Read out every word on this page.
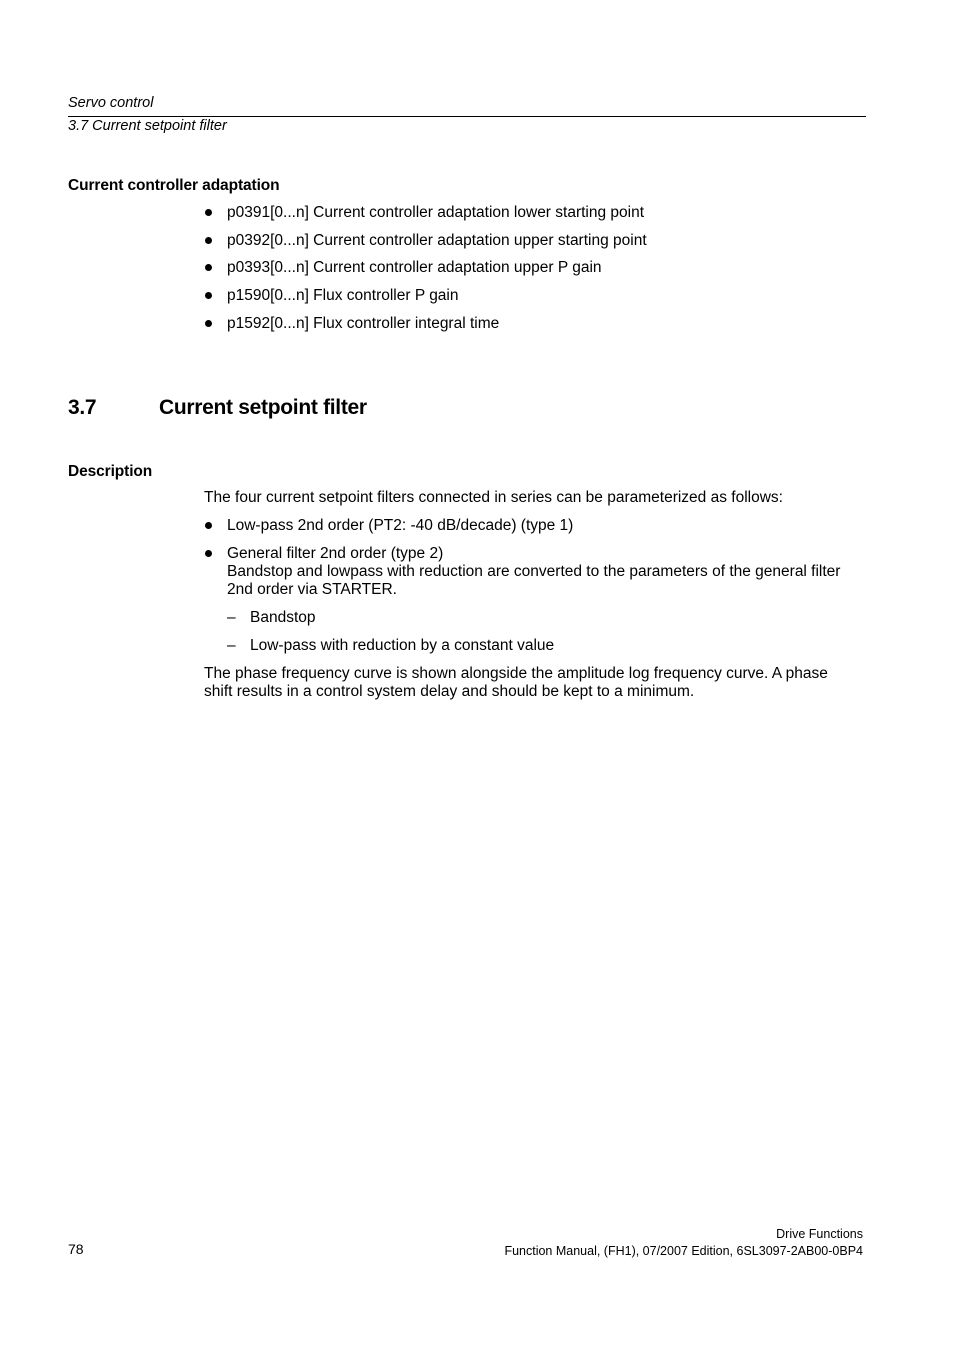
Servo control
3.7 Current setpoint filter
Current controller adaptation
p0391[0...n] Current controller adaptation lower starting point
p0392[0...n] Current controller adaptation upper starting point
p0393[0...n] Current controller adaptation upper P gain
p1590[0...n] Flux controller P gain
p1592[0...n] Flux controller integral time
3.7	Current setpoint filter
Description
The four current setpoint filters connected in series can be parameterized as follows:
Low-pass 2nd order (PT2: -40 dB/decade) (type 1)
General filter 2nd order (type 2)
Bandstop and lowpass with reduction are converted to the parameters of the general filter
2nd order via STARTER.
– Bandstop
– Low-pass with reduction by a constant value
The phase frequency curve is shown alongside the amplitude log frequency curve. A phase
shift results in a control system delay and should be kept to a minimum.
78
Drive Functions
Function Manual, (FH1), 07/2007 Edition, 6SL3097-2AB00-0BP4
